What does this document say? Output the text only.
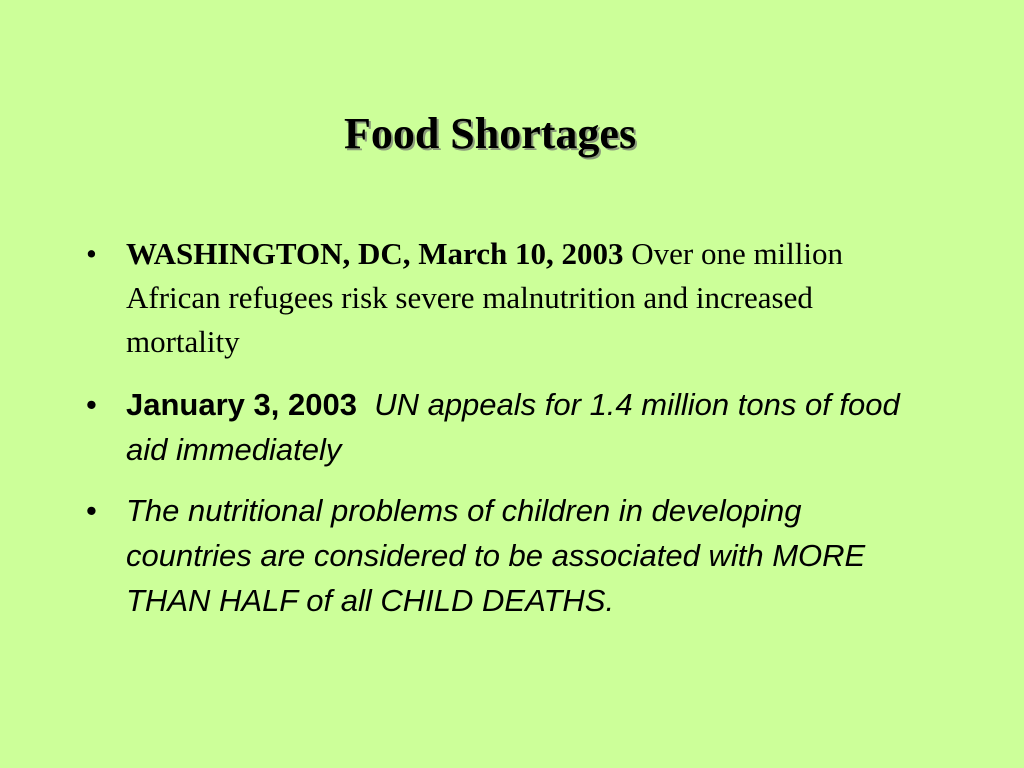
Food Shortages
• WASHINGTON, DC, March 10, 2003 Over one million African refugees risk severe malnutrition and increased mortality
• January 3, 2003 UN appeals for 1.4 million tons of food aid immediately
• The nutritional problems of children in developing countries are considered to be associated with MORE THAN HALF of all CHILD DEATHS.
